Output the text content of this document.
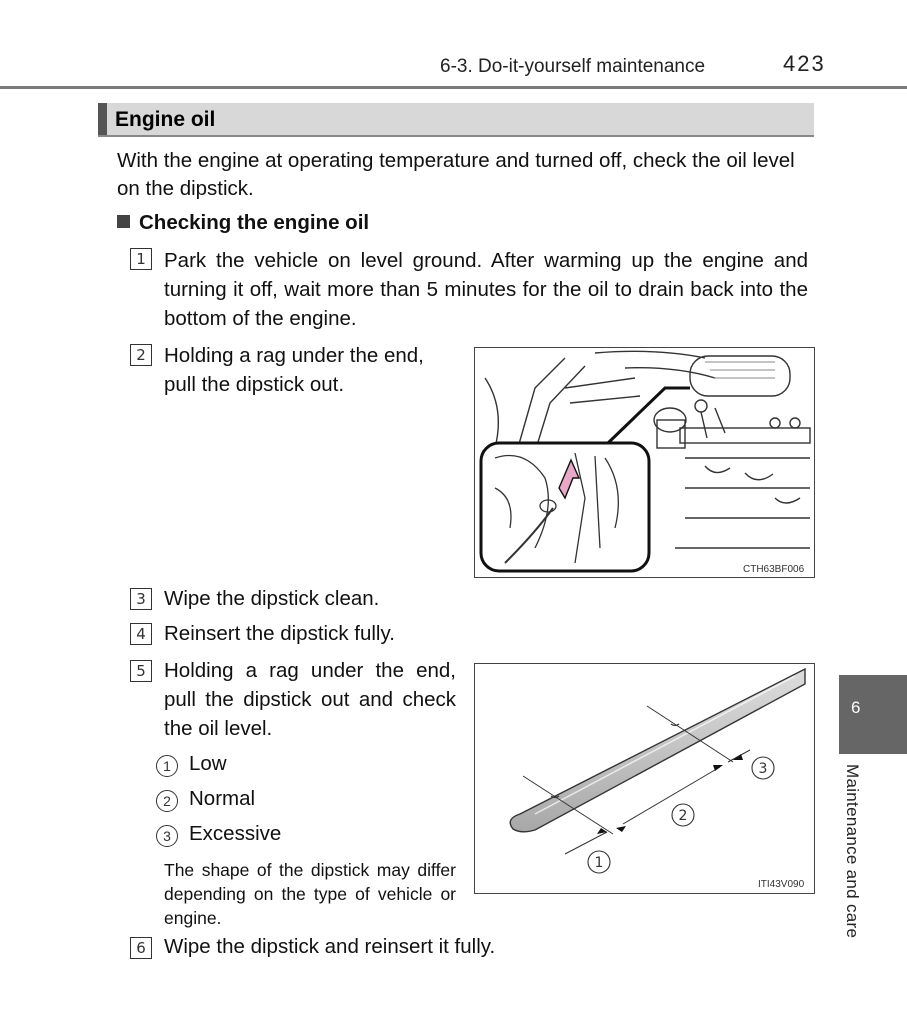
6-3. Do-it-yourself maintenance	423
Engine oil
With the engine at operating temperature and turned off, check the oil level on the dipstick.
Checking the engine oil
1 Park the vehicle on level ground. After warming up the engine and turning it off, wait more than 5 minutes for the oil to drain back into the bottom of the engine.
2 Holding a rag under the end, pull the dipstick out.
CTH63BF006
3 Wipe the dipstick clean.
4 Reinsert the dipstick fully.
5 Holding a rag under the end, pull the dipstick out and check the oil level.
1 Low
2 Normal
3 Excessive
The shape of the dipstick may differ depending on the type of vehicle or engine.
1
2
3
ITI43V090
6 Wipe the dipstick and reinsert it fully.
6
Maintenance and care
